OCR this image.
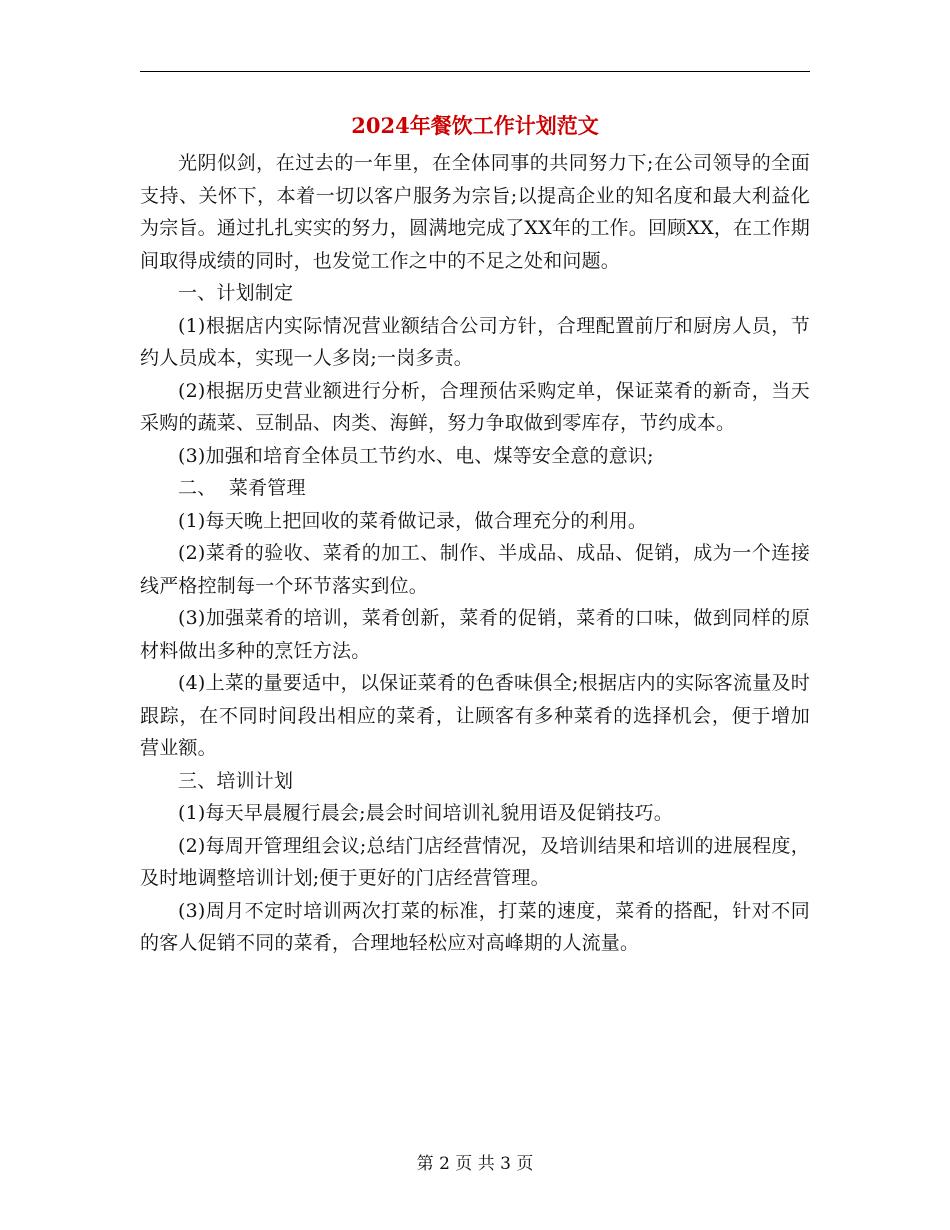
2024年餐饮工作计划范文

光阴似剑，在过去的一年里，在全体同事的共同努力下;在公司领导的全面支持、关怀下，本着一切以客户服务为宗旨;以提高企业的知名度和最大利益化为宗旨。通过扎扎实实的努力，圆满地完成了XX年的工作。回顾XX，在工作期间取得成绩的同时，也发觉工作之中的不足之处和问题。

一、计划制定

(1)根据店内实际情况营业额结合公司方针，合理配置前厅和厨房人员，节约人员成本，实现一人多岗;一岗多责。

(2)根据历史营业额进行分析，合理预估采购定单，保证菜肴的新奇，当天采购的蔬菜、豆制品、肉类、海鲜，努力争取做到零库存，节约成本。

(3)加强和培育全体员工节约水、电、煤等安全意的意识;

二、  菜肴管理

(1)每天晚上把回收的菜肴做记录，做合理充分的利用。

(2)菜肴的验收、菜肴的加工、制作、半成品、成品、促销，成为一个连接线严格控制每一个环节落实到位。

(3)加强菜肴的培训，菜肴创新，菜肴的促销，菜肴的口味，做到同样的原材料做出多种的烹饪方法。

(4)上菜的量要适中，以保证菜肴的色香味俱全;根据店内的实际客流量及时跟踪，在不同时间段出相应的菜肴，让顾客有多种菜肴的选择机会，便于增加营业额。

三、培训计划

(1)每天早晨履行晨会;晨会时间培训礼貌用语及促销技巧。

(2)每周开管理组会议;总结门店经营情况，及培训结果和培训的进展程度，及时地调整培训计划;便于更好的门店经营管理。

(3)周月不定时培训两次打菜的标准，打菜的速度，菜肴的搭配，针对不同的客人促销不同的菜肴，合理地轻松应对高峰期的人流量。

第 2 页 共 3 页
